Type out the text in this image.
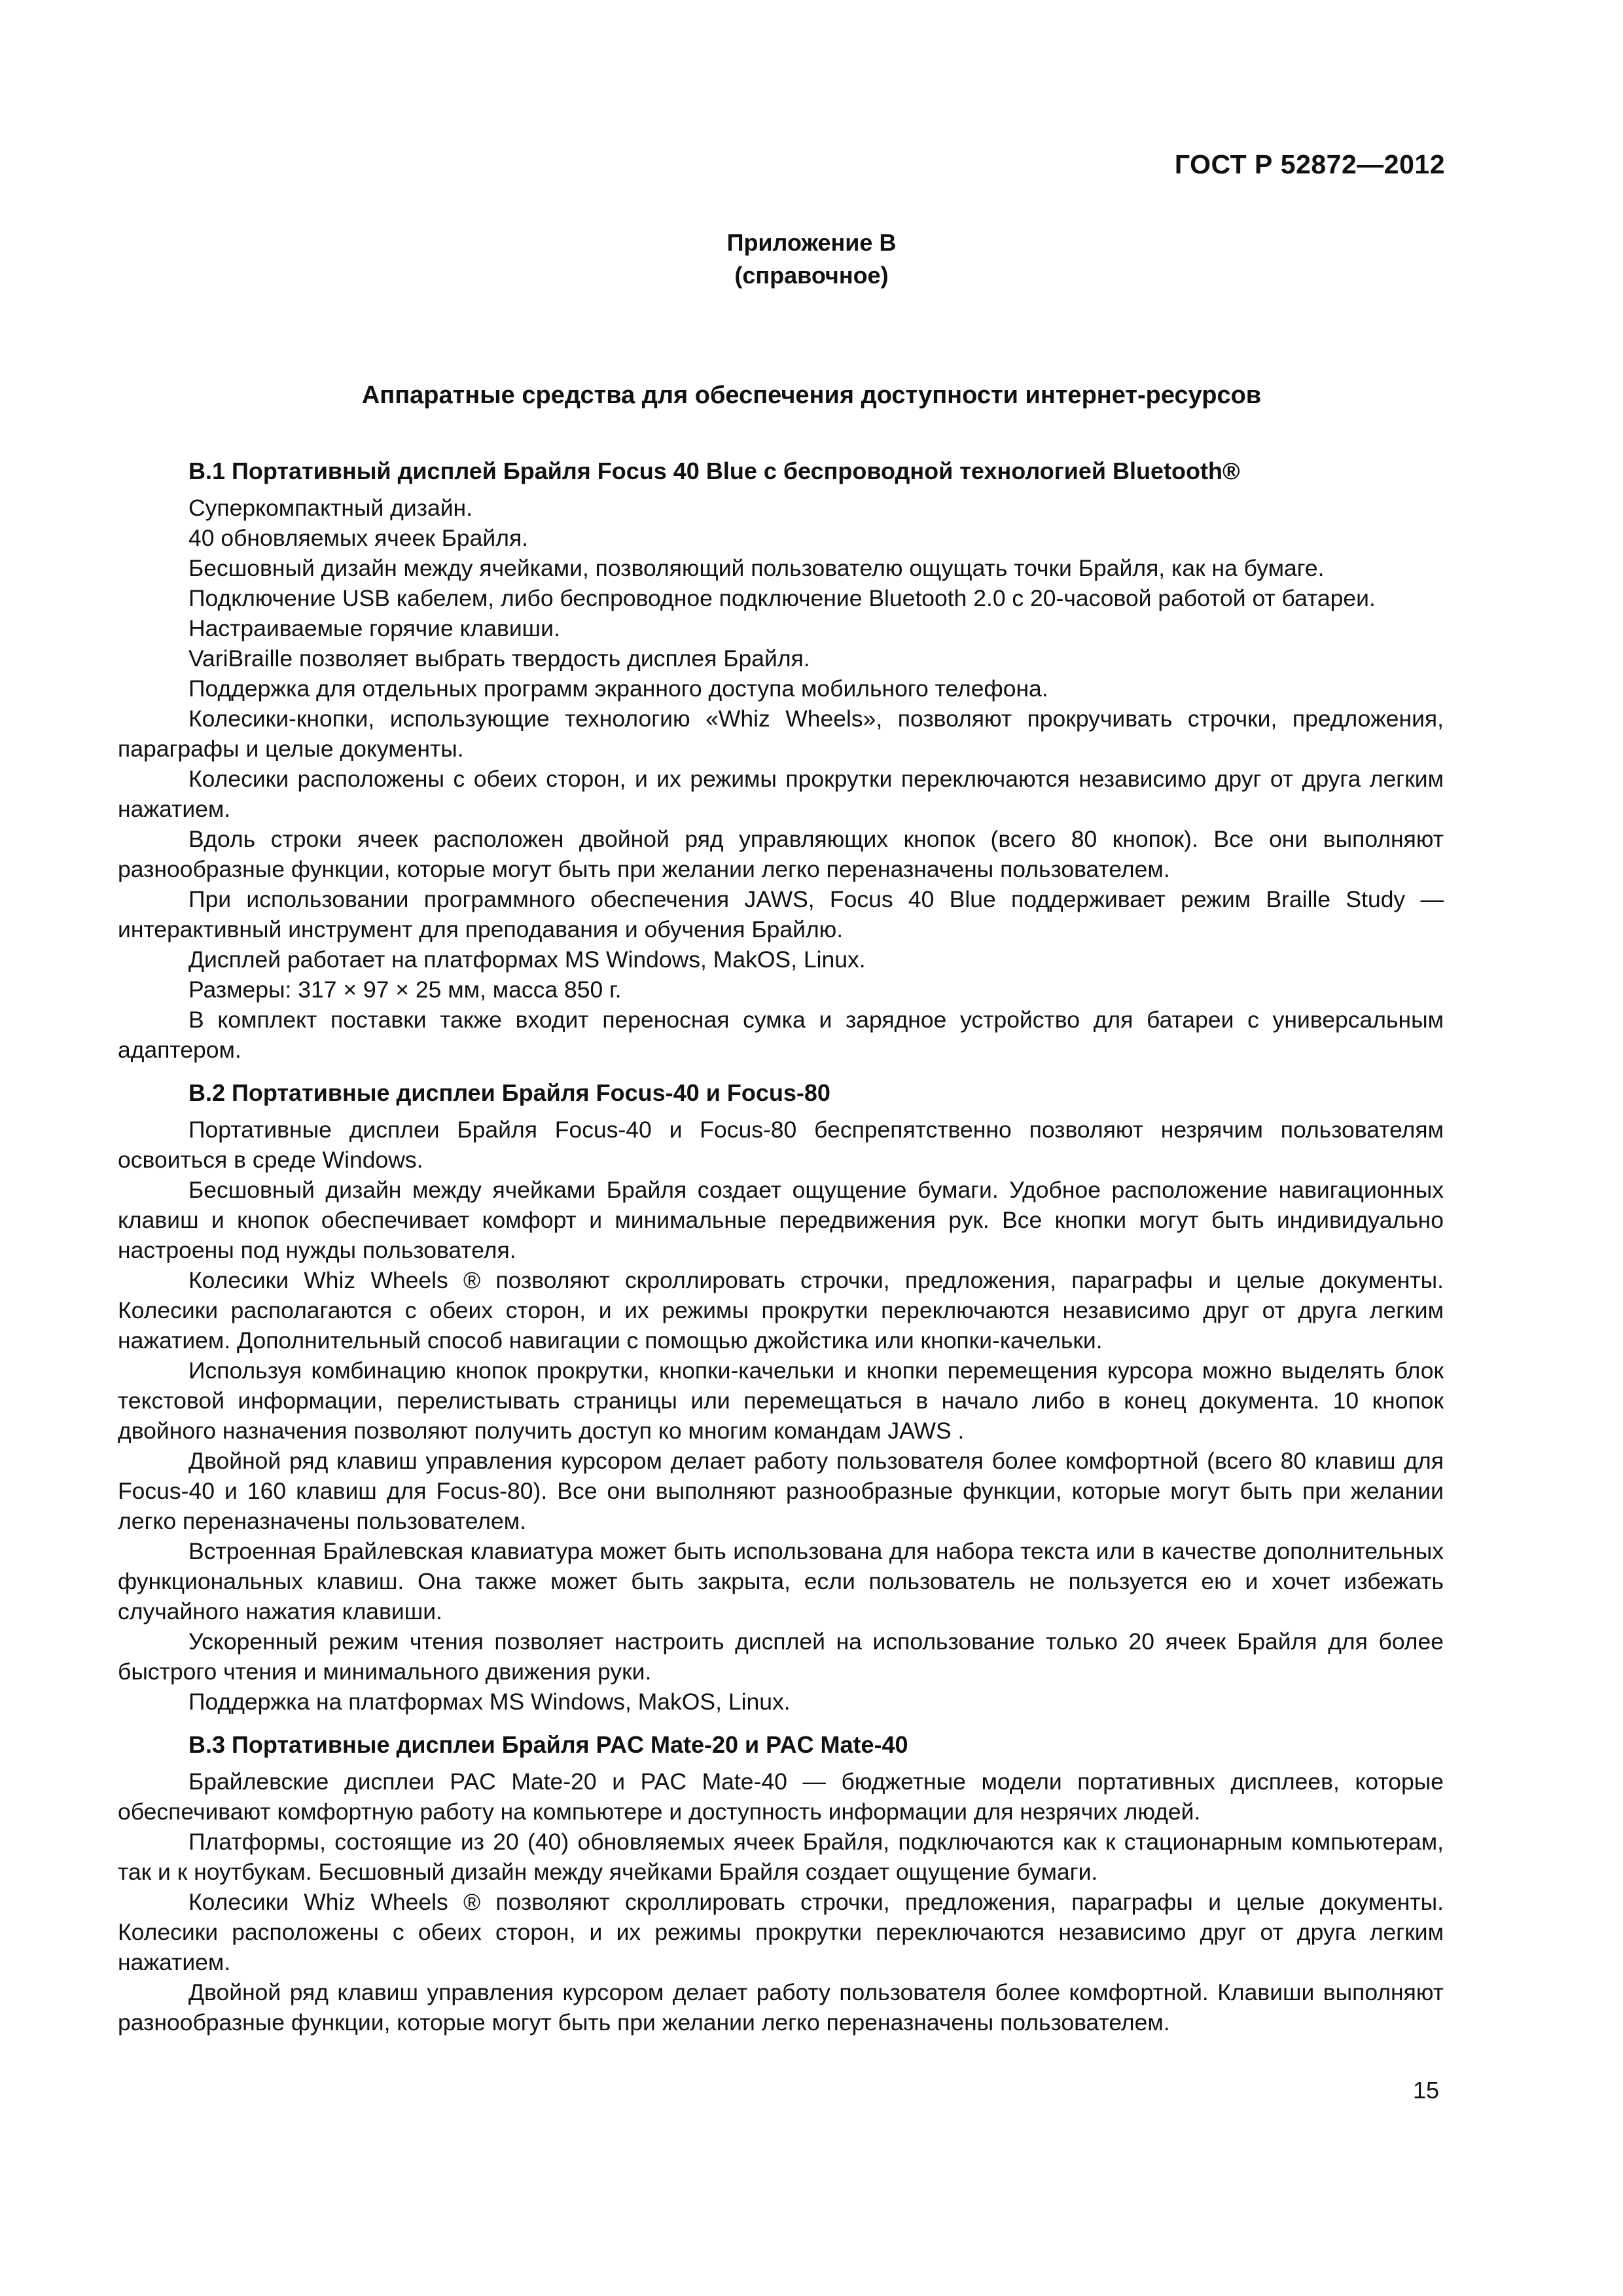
ГОСТ Р 52872—2012
Приложение В
(справочное)
Аппаратные средства для обеспечения доступности интернет-ресурсов
В.1 Портативный дисплей Брайля Focus 40 Blue с беспроводной технологией Bluetooth®

Суперкомпактный дизайн.

40 обновляемых ячеек Брайля.

Бесшовный дизайн между ячейками, позволяющий пользователю ощущать точки Брайля, как на бумаге.

Подключение USB кабелем, либо беспроводное подключение Bluetooth 2.0 с 20-часовой работой от батареи.

Настраиваемые горячие клавиши.

VariBraille позволяет выбрать твердость дисплея Брайля.

Поддержка для отдельных программ экранного доступа мобильного телефона.

Колесики-кнопки, использующие технологию «Whiz Wheels», позволяют прокручивать строчки, предложения, параграфы и целые документы.

Колесики расположены с обеих сторон, и их режимы прокрутки переключаются независимо друг от друга легким нажатием.

Вдоль строки ячеек расположен двойной ряд управляющих кнопок (всего 80 кнопок). Все они выполняют разнообразные функции, которые могут быть при желании легко переназначены пользователем.

При использовании программного обеспечения JAWS, Focus 40 Blue поддерживает режим Braille Study — интерактивный инструмент для преподавания и обучения Брайлю.

Дисплей работает на платформах MS Windows, MakOS, Linux.

Размеры: 317 × 97 × 25 мм, масса 850 г.

В комплект поставки также входит переносная сумка и зарядное устройство для батареи с универсальным адаптером.

В.2 Портативные дисплеи Брайля Focus-40 и Focus-80

Портативные дисплеи Брайля Focus-40 и Focus-80 беспрепятственно позволяют незрячим пользователям освоиться в среде Windows.

Бесшовный дизайн между ячейками Брайля создает ощущение бумаги. Удобное расположение навигационных клавиш и кнопок обеспечивает комфорт и минимальные передвижения рук. Все кнопки могут быть индивидуально настроены под нужды пользователя.

Колесики Whiz Wheels ® позволяют скроллировать строчки, предложения, параграфы и целые документы. Колесики располагаются с обеих сторон, и их режимы прокрутки переключаются независимо друг от друга легким нажатием. Дополнительный способ навигации с помощью джойстика или кнопки-качельки.

Используя комбинацию кнопок прокрутки, кнопки-качельки и кнопки перемещения курсора можно выделять блок текстовой информации, перелистывать страницы или перемещаться в начало либо в конец документа. 10 кнопок двойного назначения позволяют получить доступ ко многим командам JAWS .

Двойной ряд клавиш управления курсором делает работу пользователя более комфортной (всего 80 клавиш для Focus-40 и 160 клавиш для Focus-80). Все они выполняют разнообразные функции, которые могут быть при желании легко переназначены пользователем.

Встроенная Брайлевская клавиатура может быть использована для набора текста или в качестве дополнительных функциональных клавиш. Она также может быть закрыта, если пользователь не пользуется ею и хочет избежать случайного нажатия клавиши.

Ускоренный режим чтения позволяет настроить дисплей на использование только 20 ячеек Брайля для более быстрого чтения и минимального движения руки.

Поддержка на платформах MS Windows, MakOS, Linux.

В.3 Портативные дисплеи Брайля PAC Mate-20 и PAC Mate-40

Брайлевские дисплеи PAC Mate-20 и PAC Mate-40 — бюджетные модели портативных дисплеев, которые обеспечивают комфортную работу на компьютере и доступность информации для незрячих людей.

Платформы, состоящие из 20 (40) обновляемых ячеек Брайля, подключаются как к стационарным компьютерам, так и к ноутбукам. Бесшовный дизайн между ячейками Брайля создает ощущение бумаги.

Колесики Whiz Wheels ® позволяют скроллировать строчки, предложения, параграфы и целые документы. Колесики расположены с обеих сторон, и их режимы прокрутки переключаются независимо друг от друга легким нажатием.

Двойной ряд клавиш управления курсором делает работу пользователя более комфортной. Клавиши выполняют разнообразные функции, которые могут быть при желании легко переназначены пользователем.

15
